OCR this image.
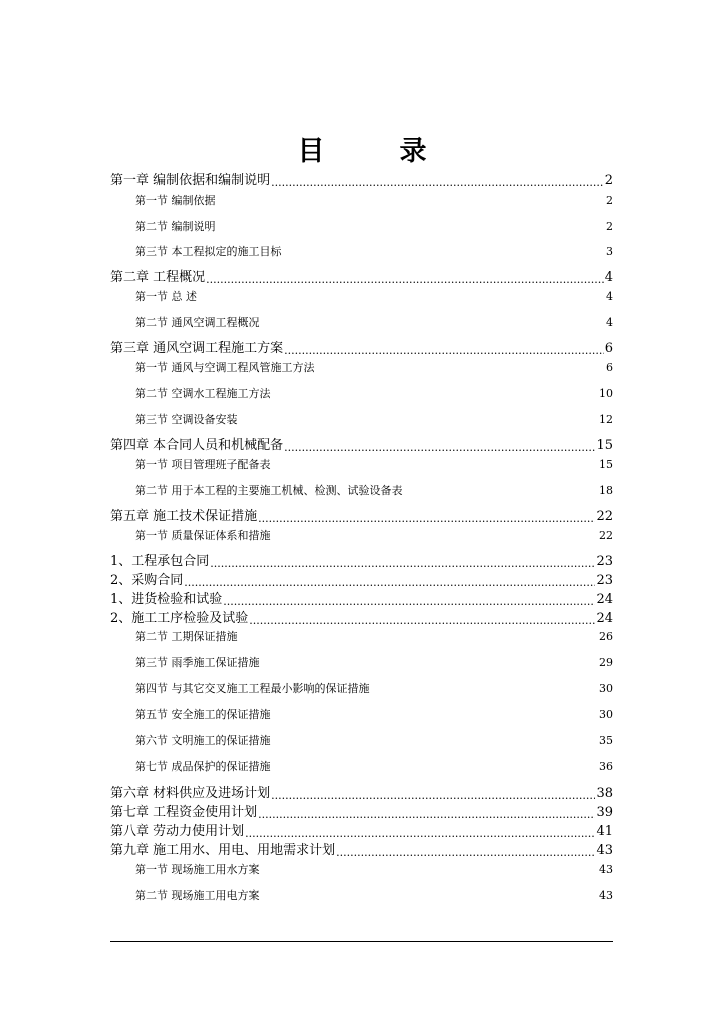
目　录
第一章 编制依据和编制说明 .....	2
第一节 编制依据	2
第二节 编制说明	2
第三节 本工程拟定的施工目标	3
第二章 工程概况 .....	4
第一节 总 述	4
第二节 通风空调工程概况	4
第三章 通风空调工程施工方案 .....	6
第一节 通风与空调工程风管施工方法	6
第二节 空调水工程施工方法	10
第三节 空调设备安装	12
第四章 本合同人员和机械配备 .....	15
第一节 项目管理班子配备表	15
第二节 用于本工程的主要施工机械、检测、试验设备表	18
第五章 施工技术保证措施 .....	22
第一节 质量保证体系和措施	22
1、工程承包合同 .....	23
2、采购合同 .....	23
1、进货检验和试验 .....	24
2、施工工序检验及试验 .....	24
第二节 工期保证措施	26
第三节 雨季施工保证措施	29
第四节 与其它交叉施工工程最小影响的保证措施	30
第五节 安全施工的保证措施	30
第六节 文明施工的保证措施	35
第七节 成品保护的保证措施	36
第六章 材料供应及进场计划 .....	38
第七章 工程资金使用计划 .....	39
第八章 劳动力使用计划 .....	41
第九章 施工用水、用电、用地需求计划 .....	43
第一节 现场施工用水方案	43
第二节 现场施工用电方案	43
